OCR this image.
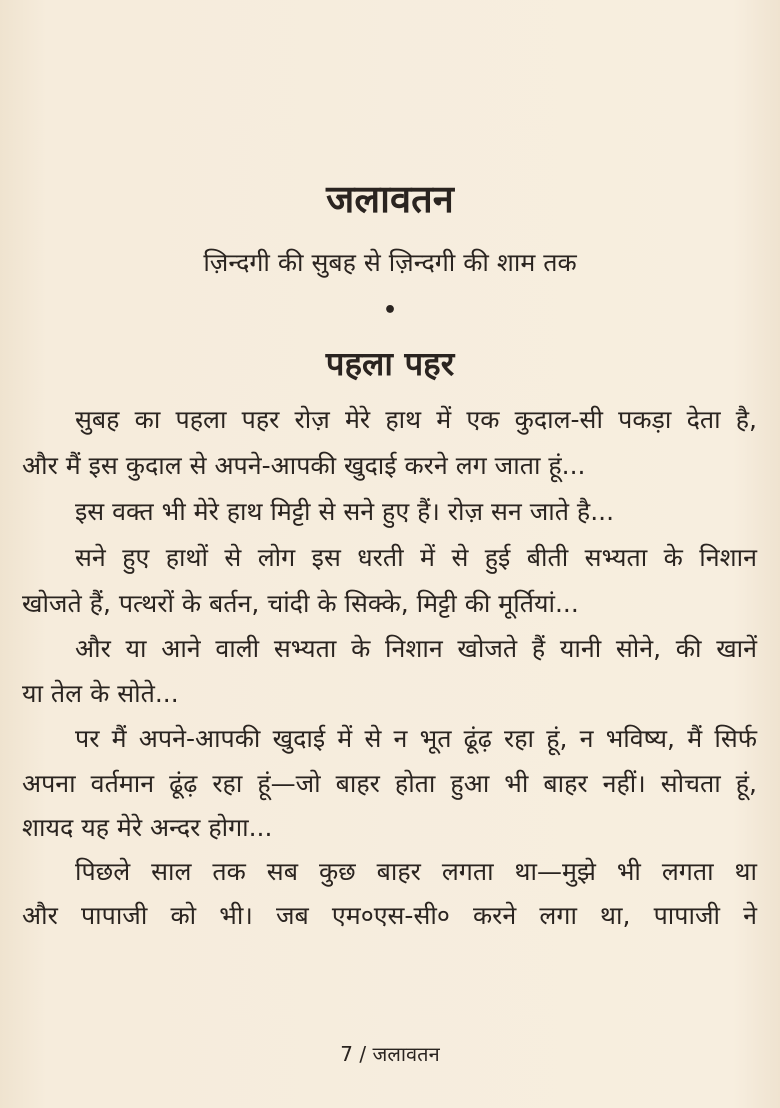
जलावतन
ज़िन्दगी की सुबह से ज़िन्दगी की शाम तक
•
पहला पहर
सुबह का पहला पहर रोज़ मेरे हाथ में एक कुदाल-सी पकड़ा देता है,
और मैं इस कुदाल से अपने-आपकी खुदाई करने लग जाता हूं...
इस वक्त भी मेरे हाथ मिट्टी से सने हुए हैं। रोज़ सन जाते है...
सने हुए हाथों से लोग इस धरती में से हुई बीती सभ्यता के निशान
खोजते हैं, पत्थरों के बर्तन, चांदी के सिक्के, मिट्टी की मूर्तियां...
और या आने वाली सभ्यता के निशान खोजते हैं यानी सोने, की खानें
या तेल के सोते...
पर मैं अपने-आपकी खुदाई में से न भूत ढूंढ़ रहा हूं, न भविष्य, मैं सिर्फ
अपना वर्तमान ढूंढ़ रहा हूं—जो बाहर होता हुआ भी बाहर नहीं। सोचता हूं,
शायद यह मेरे अन्दर होगा...
पिछले साल तक सब कुछ बाहर लगता था—मुझे भी लगता था
और पापाजी को भी। जब एम०एस-सी० करने लगा था, पापाजी ने
7 / जलावतन
